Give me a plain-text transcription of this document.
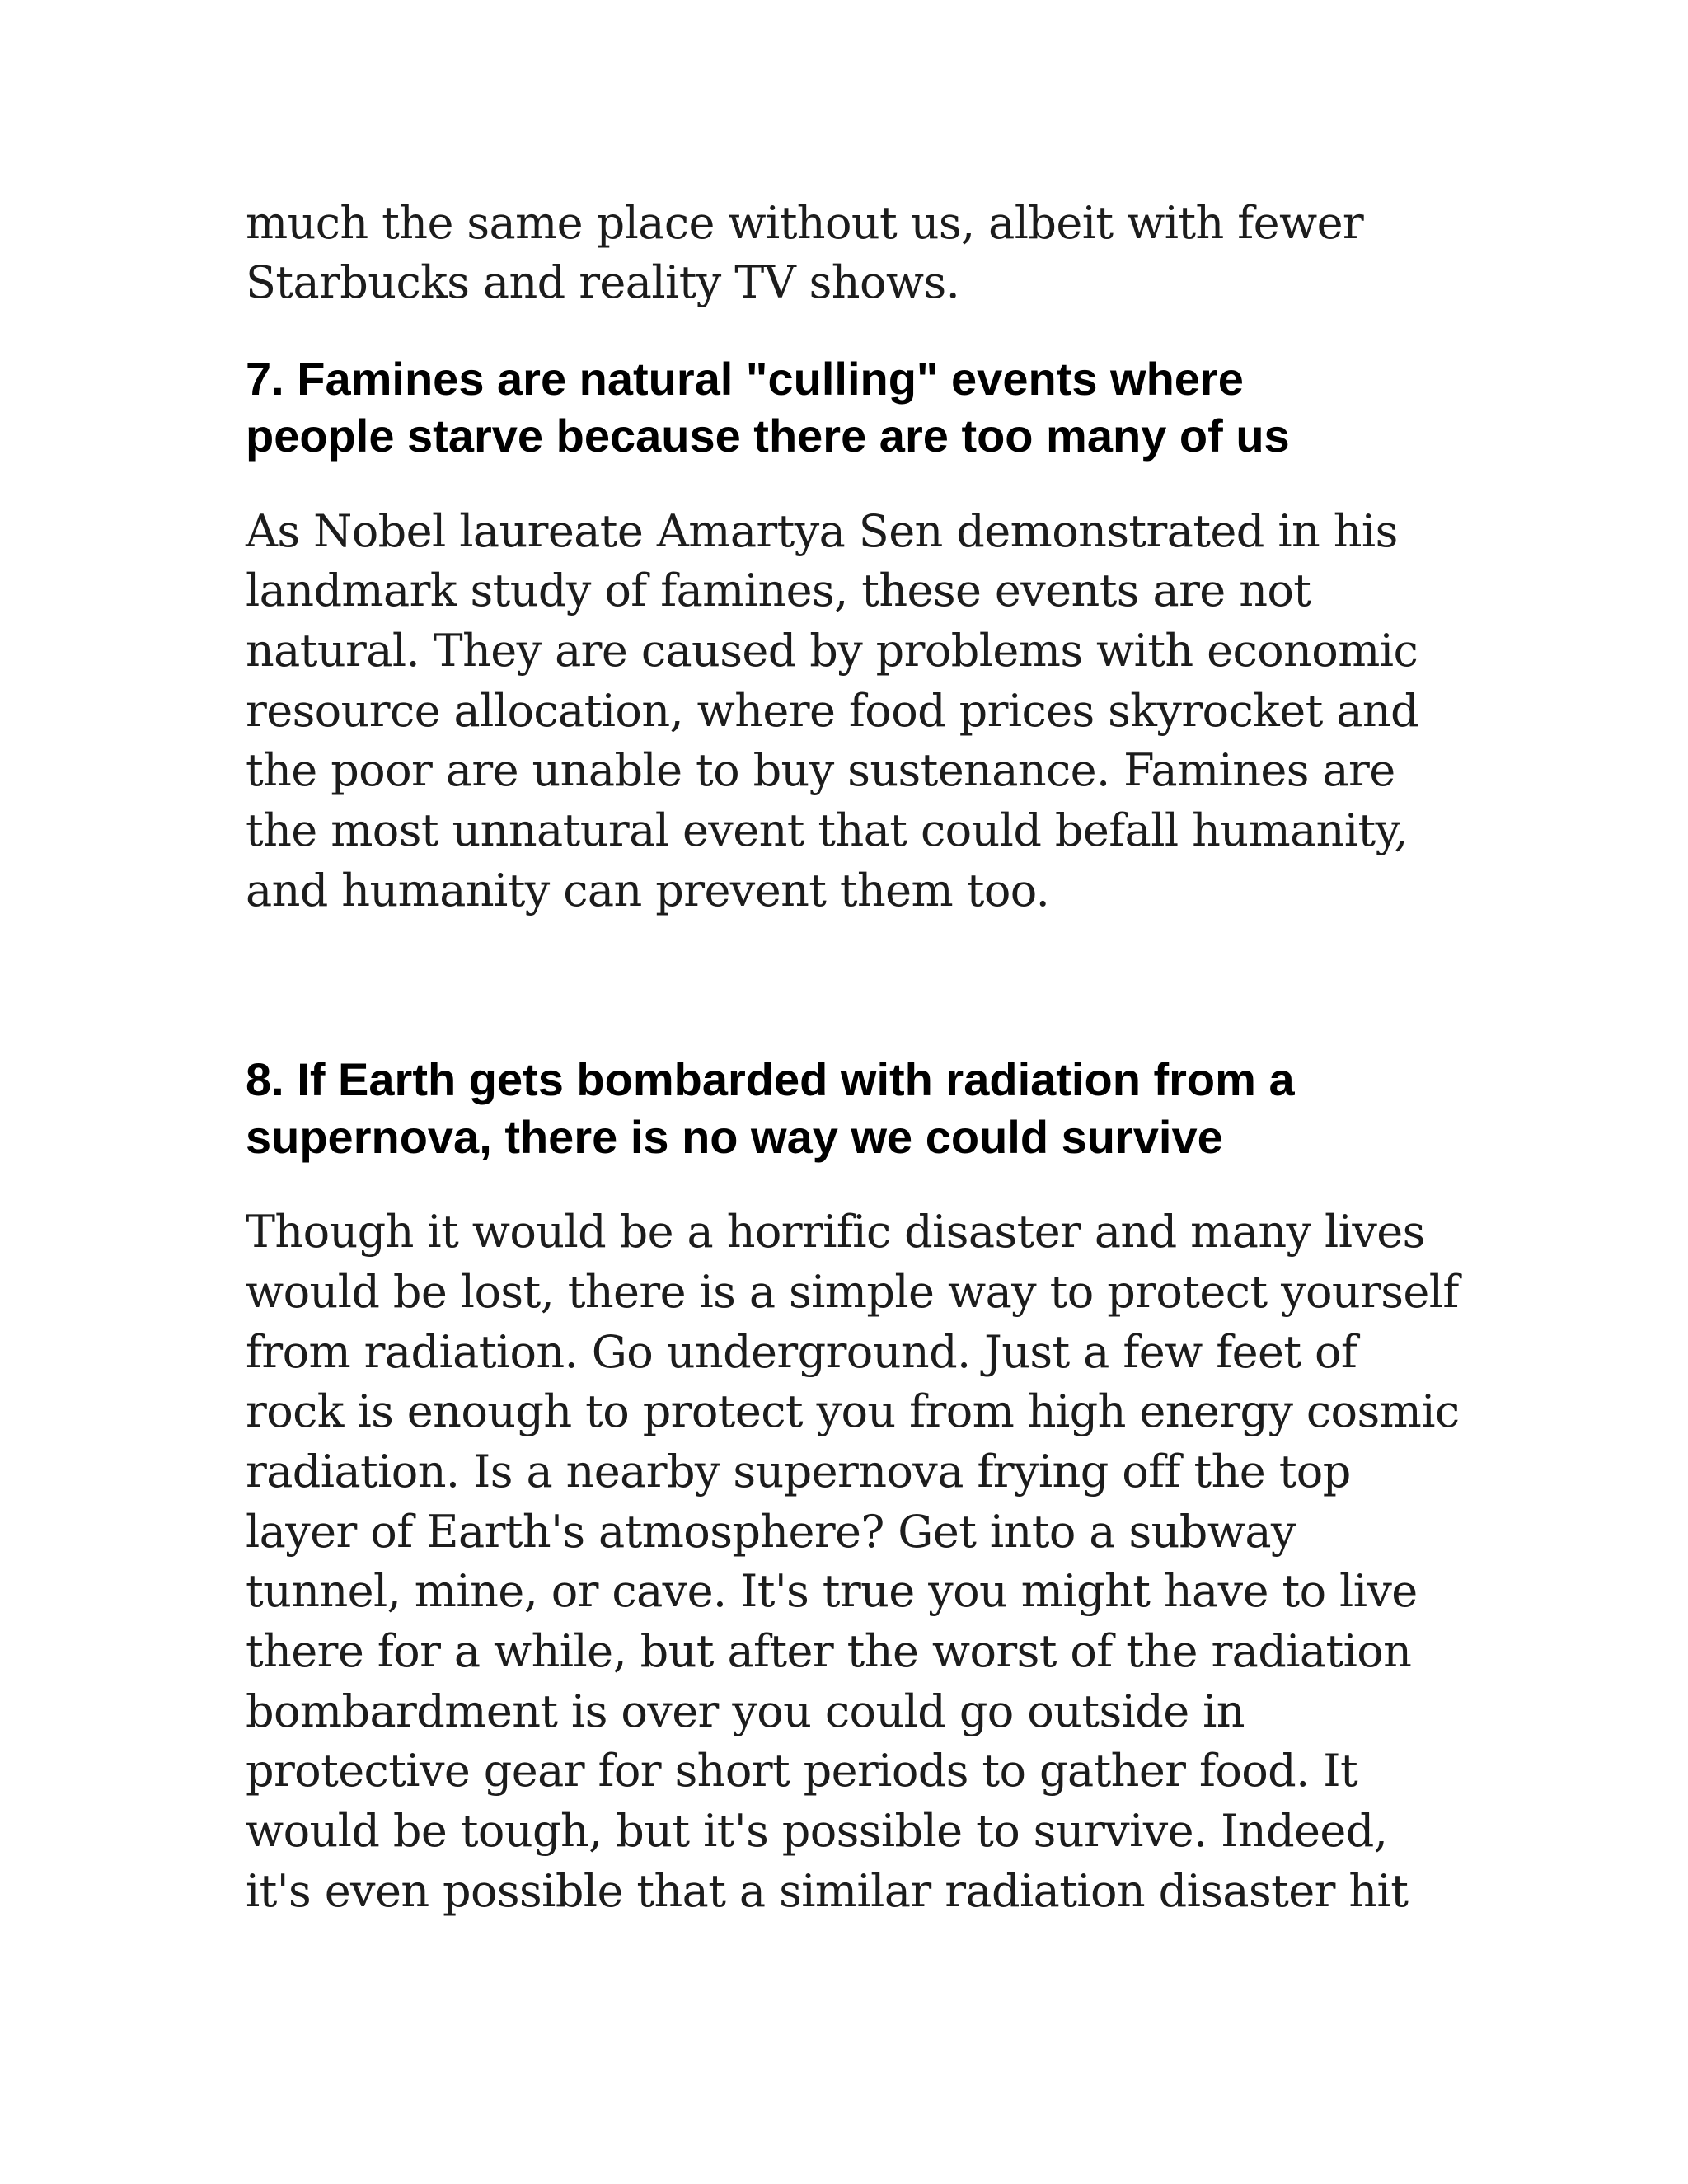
much the same place without us, albeit with fewer

Starbucks and reality TV shows.

7. Famines are natural "culling" events where

people starve because there are too many of us

As Nobel laureate Amartya Sen demonstrated in his

landmark study of famines, these events are not

natural. They are caused by problems with economic

resource allocation, where food prices skyrocket and

the poor are unable to buy sustenance. Famines are

the most unnatural event that could befall humanity,

and humanity can prevent them too.

8. If Earth gets bombarded with radiation from a

supernova, there is no way we could survive

Though it would be a horrific disaster and many lives

would be lost, there is a simple way to protect yourself

from radiation. Go underground. Just a few feet of

rock is enough to protect you from high energy cosmic

radiation. Is a nearby supernova frying off the top

layer of Earth's atmosphere? Get into a subway

tunnel, mine, or cave. It's true you might have to live

there for a while, but after the worst of the radiation

bombardment is over you could go outside in

protective gear for short periods to gather food. It

would be tough, but it's possible to survive. Indeed,

it's even possible that a similar radiation disaster hit
